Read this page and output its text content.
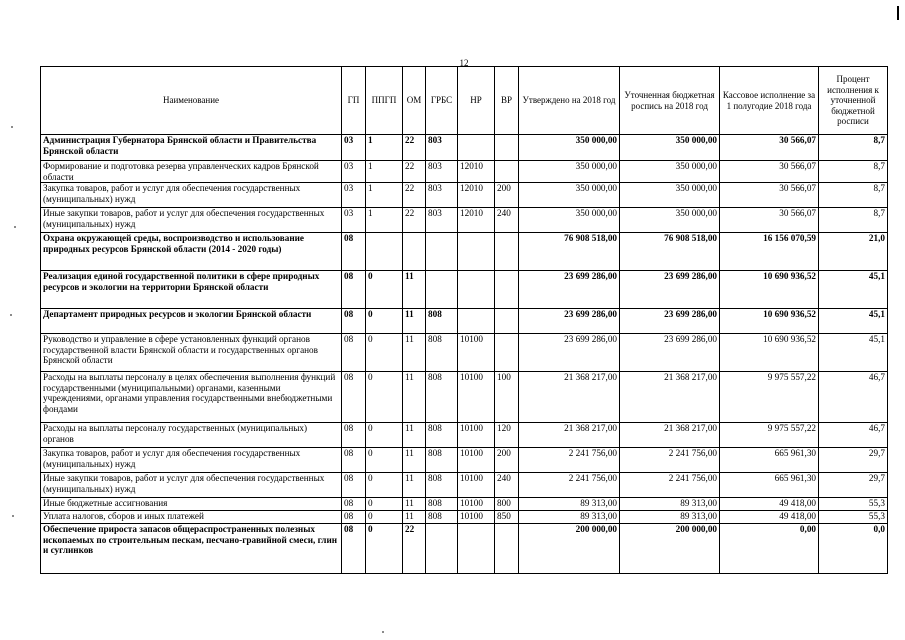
12
Наименование	ГП	ППГП	ОМ	ГРБС	НР	ВР	Утверждено на 2018 год	Уточненная бюджетная роспись на 2018 год	Кассовое исполнение за 1 полугодие 2018 года	Процент исполнения к уточненной бюджетной росписи
Администрация Губернатора Брянской области и Правительства Брянской области	03	1	22	803			350 000,00	350 000,00	30 566,07	8,7
Формирование и подготовка резерва управленческих кадров Брянской области	03	1	22	803	12010		350 000,00	350 000,00	30 566,07	8,7
Закупка товаров, работ и услуг для обеспечения государственных (муниципальных) нужд	03	1	22	803	12010	200	350 000,00	350 000,00	30 566,07	8,7
Иные закупки товаров, работ и услуг для обеспечения государственных (муниципальных) нужд	03	1	22	803	12010	240	350 000,00	350 000,00	30 566,07	8,7
Охрана окружающей среды, воспроизводство и использование природных ресурсов Брянской области (2014 - 2020 годы)	08						76 908 518,00	76 908 518,00	16 156 070,59	21,0
Реализация единой государственной политики в сфере природных ресурсов и экологии на территории Брянской области	08	0	11				23 699 286,00	23 699 286,00	10 690 936,52	45,1
Департамент природных ресурсов и экологии Брянской области	08	0	11	808			23 699 286,00	23 699 286,00	10 690 936,52	45,1
Руководство и управление в сфере установленных функций органов государственной власти Брянской области и государственных органов Брянской области	08	0	11	808	10100		23 699 286,00	23 699 286,00	10 690 936,52	45,1
Расходы на выплаты персоналу в целях обеспечения выполнения функций государственными (муниципальными) органами, казенными учреждениями, органами управления государственными внебюджетными фондами	08	0	11	808	10100	100	21 368 217,00	21 368 217,00	9 975 557,22	46,7
Расходы на выплаты персоналу государственных (муниципальных) органов	08	0	11	808	10100	120	21 368 217,00	21 368 217,00	9 975 557,22	46,7
Закупка товаров, работ и услуг для обеспечения государственных (муниципальных) нужд	08	0	11	808	10100	200	2 241 756,00	2 241 756,00	665 961,30	29,7
Иные закупки товаров, работ и услуг для обеспечения государственных (муниципальных) нужд	08	0	11	808	10100	240	2 241 756,00	2 241 756,00	665 961,30	29,7
Иные бюджетные ассигнования	08	0	11	808	10100	800	89 313,00	89 313,00	49 418,00	55,3
Уплата налогов, сборов и иных платежей	08	0	11	808	10100	850	89 313,00	89 313,00	49 418,00	55,3
Обеспечение прироста запасов общераспространенных полезных ископаемых по строительным пескам, песчано-гравийной смеси, глин и суглинков	08	0	22				200 000,00	200 000,00	0,00	0,0
